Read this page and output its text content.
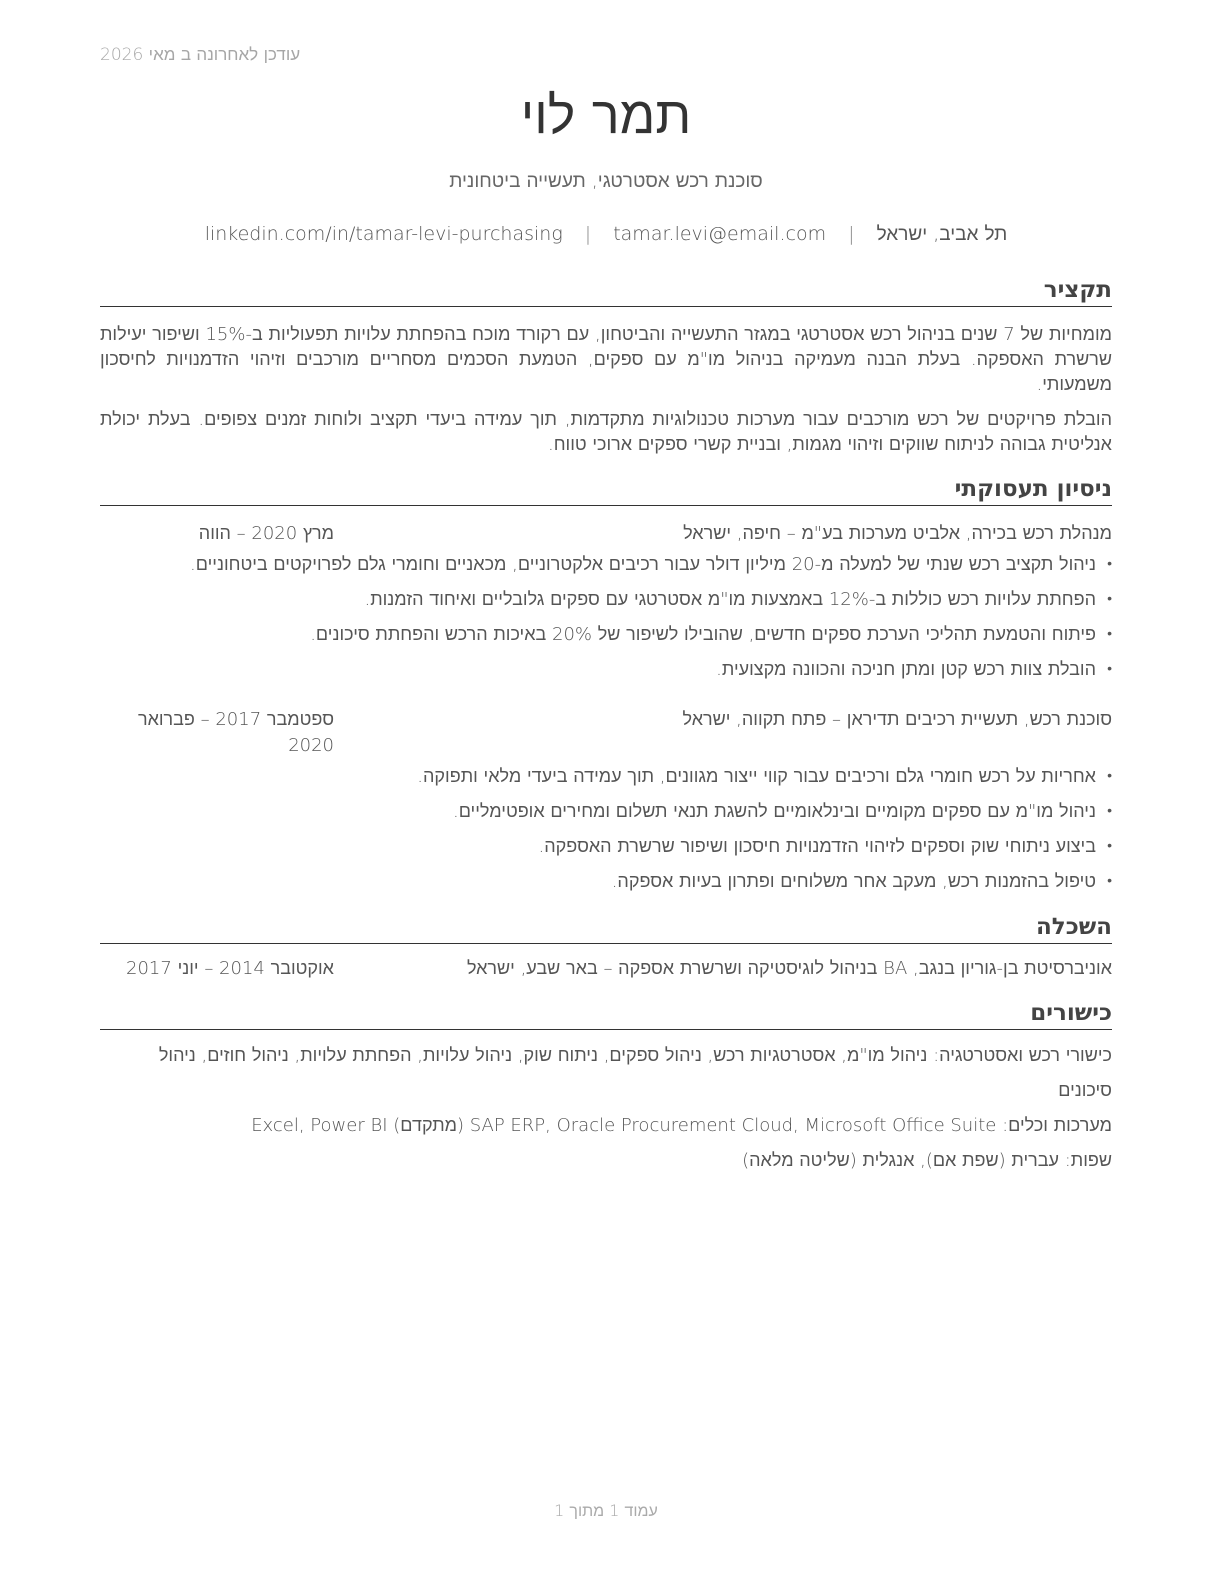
עודכן לאחרונה ב מאי 2026
תמר לוי
סוכנת רכש אסטרטגי, תעשייה ביטחונית
תל אביב, ישראל | tamar.levi@email.com | linkedin.com/in/tamar-levi-purchasing
תקציר

מומחיות של 7 שנים בניהול רכש אסטרטגי במגזר התעשייה והביטחון, עם רקורד מוכח בהפחתת עלויות תפעוליות ב-15% ושיפור יעילות שרשרת האספקה. בעלת הבנה מעמיקה בניהול מו"מ עם ספקים, הטמעת הסכמים מסחריים מורכבים וזיהוי הזדמנויות לחיסכון משמעותי.

הובלת פרויקטים של רכש מורכבים עבור מערכות טכנולוגיות מתקדמות, תוך עמידה ביעדי תקציב ולוחות זמנים צפופים. בעלת יכולת אנליטית גבוהה לניתוח שווקים וזיהוי מגמות, ובניית קשרי ספקים ארוכי טווח.

ניסיון תעסוקתי
מנהלת רכש בכירה, אלביט מערכות בע"מ – חיפה, ישראל
מרץ 2020 – הווה
• ניהול תקציב רכש שנתי של למעלה מ-20 מיליון דולר עבור רכיבים אלקטרוניים, מכאניים וחומרי גלם לפרויקטים ביטחוניים.
• הפחתת עלויות רכש כוללות ב-12% באמצעות מו"מ אסטרטגי עם ספקים גלובליים ואיחוד הזמנות.
• פיתוח והטמעת תהליכי הערכת ספקים חדשים, שהובילו לשיפור של 20% באיכות הרכש והפחתת סיכונים.
• הובלת צוות רכש קטן ומתן חניכה והכוונה מקצועית.
סוכנת רכש, תעשיית רכיבים תדיראן – פתח תקווה, ישראל
ספטמבר 2017 – פברואר 2020
• אחריות על רכש חומרי גלם ורכיבים עבור קווי ייצור מגוונים, תוך עמידה ביעדי מלאי ותפוקה.
• ניהול מו"מ עם ספקים מקומיים ובינלאומיים להשגת תנאי תשלום ומחירים אופטימליים.
• ביצוע ניתוחי שוק וספקים לזיהוי הזדמנויות חיסכון ושיפור שרשרת האספקה.
• טיפול בהזמנות רכש, מעקב אחר משלוחים ופתרון בעיות אספקה.
השכלה
אוניברסיטת בן-גוריון בנגב, BA בניהול לוגיסטיקה ושרשרת אספקה – באר שבע, ישראל
אוקטובר 2014 – יוני 2017
כישורים
כישורי רכש ואסטרטגיה: ניהול מו"מ, אסטרטגיות רכש, ניהול ספקים, ניתוח שוק, ניהול עלויות, הפחתת עלויות, ניהול חוזים, ניהול סיכונים
מערכות וכלים: SAP ERP, Oracle Procurement Cloud, Microsoft Office Suite (מתקדם) Excel, Power BI
שפות: עברית (שפת אם), אנגלית (שליטה מלאה)
עמוד 1 מתוך 1
